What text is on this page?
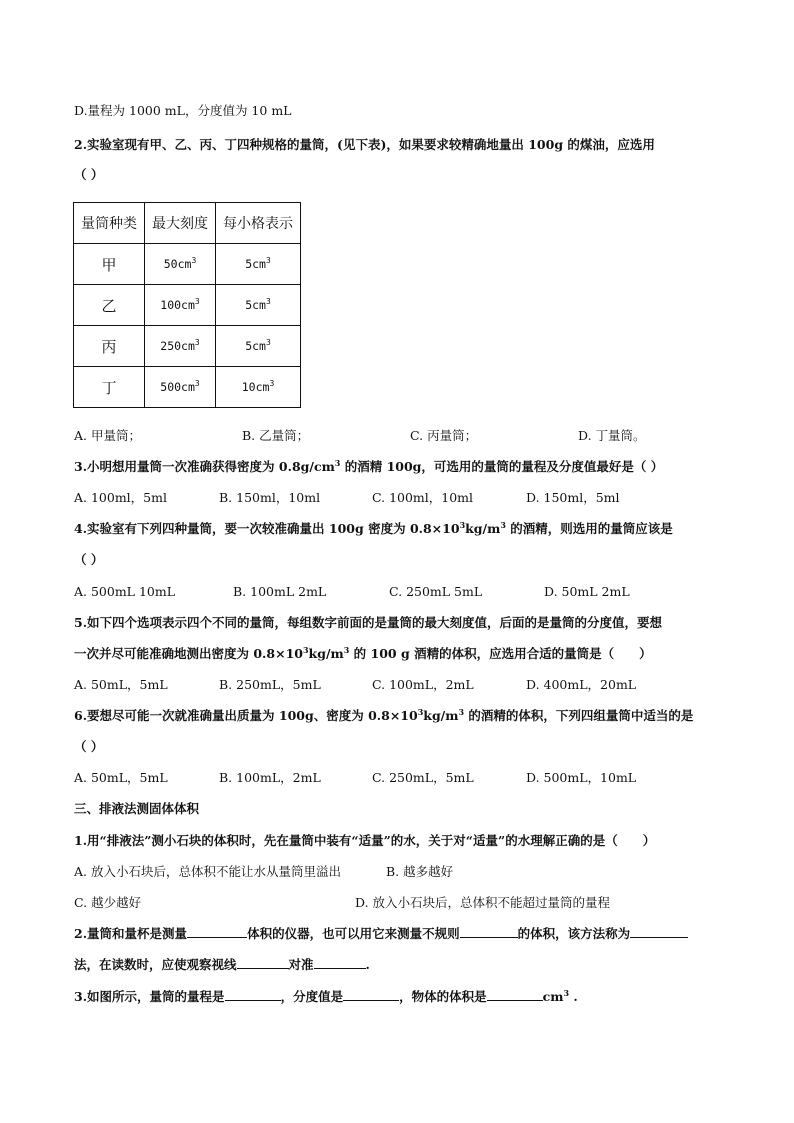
D.量程为 1000 mL，分度值为 10 mL
2.实验室现有甲、乙、丙、丁四种规格的量筒，(见下表)，如果要求较精确地量出 100g 的煤油，应选用
（ ）
量筒种类	最大刻度	每小格表示
甲	$50cm^3$	$5cm^3$
乙	$100cm^3$	$5cm^3$
丙	$250cm^3$	$5cm^3$
丁	$500cm^3$	$10cm^3$
A. 甲量筒；	B. 乙量筒；	C. 丙量筒；	D. 丁量筒。
3.小明想用量筒一次准确获得密度为 $0.8g/cm^3$ 的酒精 100g，可选用的量筒的量程及分度值最好是（ ）
A. 100ml，5ml	B. 150ml，10ml	C. 100ml，10ml	D. 150ml，5ml
4.实验室有下列四种量筒，要一次较准确量出 100g 密度为 $0.8\times 10^3kg/m^3$ 的酒精，则选用的量筒应该是
（ ）
A. 500mL 10mL	B. 100mL 2mL	C. 250mL 5mL	D. 50mL 2mL
5.如下四个选项表示四个不同的量筒，每组数字前面的是量筒的最大刻度值，后面的是量筒的分度值，要想
一次并尽可能准确地测出密度为 $0.8\times 10^3kg/m^3$ 的 100 g 酒精的体积，应选用合适的量筒是（　　）
A. 50mL，5mL	B. 250mL，5mL	C. 100mL，2mL	D. 400mL，20mL
6.要想尽可能一次就准确量出质量为 100g、密度为 $0.8\times 10^3kg/m^3$ 的酒精的体积，下列四组量筒中适当的是
（ ）
A. 50mL，5mL	B. 100mL，2mL	C. 250mL，5mL	D. 500mL，10mL
三、排液法测固体体积
1.用“排液法”测小石块的体积时，先在量筒中装有“适量”的水，关于对“适量”的水理解正确的是（　　）
A. 放入小石块后，总体积不能让水从量筒里溢出	B. 越多越好
C. 越少越好	D. 放入小石块后，总体积不能超过量筒的量程
2.量筒和量杯是测量	体积的仪器，也可以用它来测量不规则	的体积，该方法称为
法，在读数时，应使观察视线	对准	.
3.如图所示，量筒的量程是	，分度值是	，物体的体积是	$cm^3$ .
